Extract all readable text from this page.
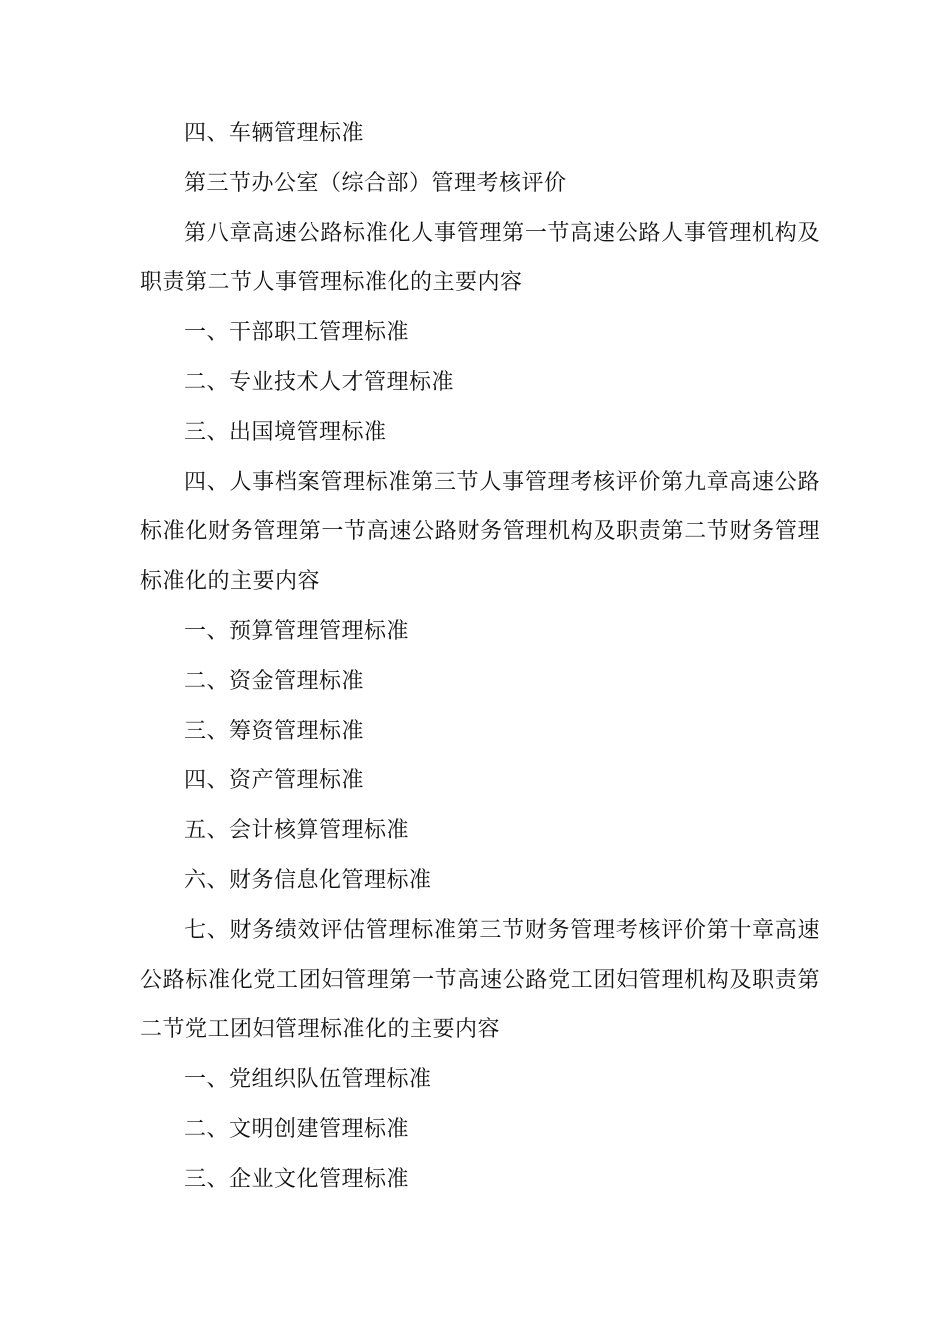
四、车辆管理标准

第三节办公室（综合部）管理考核评价

第八章高速公路标准化人事管理第一节高速公路人事管理机构及职责第二节人事管理标准化的主要内容

一、干部职工管理标准

二、专业技术人才管理标准

三、出国境管理标准

四、人事档案管理标准第三节人事管理考核评价第九章高速公路标准化财务管理第一节高速公路财务管理机构及职责第二节财务管理标准化的主要内容

一、预算管理管理标准

二、资金管理标准

三、筹资管理标准

四、资产管理标准

五、会计核算管理标准

六、财务信息化管理标准

七、财务绩效评估管理标准第三节财务管理考核评价第十章高速公路标准化党工团妇管理第一节高速公路党工团妇管理机构及职责第二节党工团妇管理标准化的主要内容

一、党组织队伍管理标准

二、文明创建管理标准

三、企业文化管理标准
